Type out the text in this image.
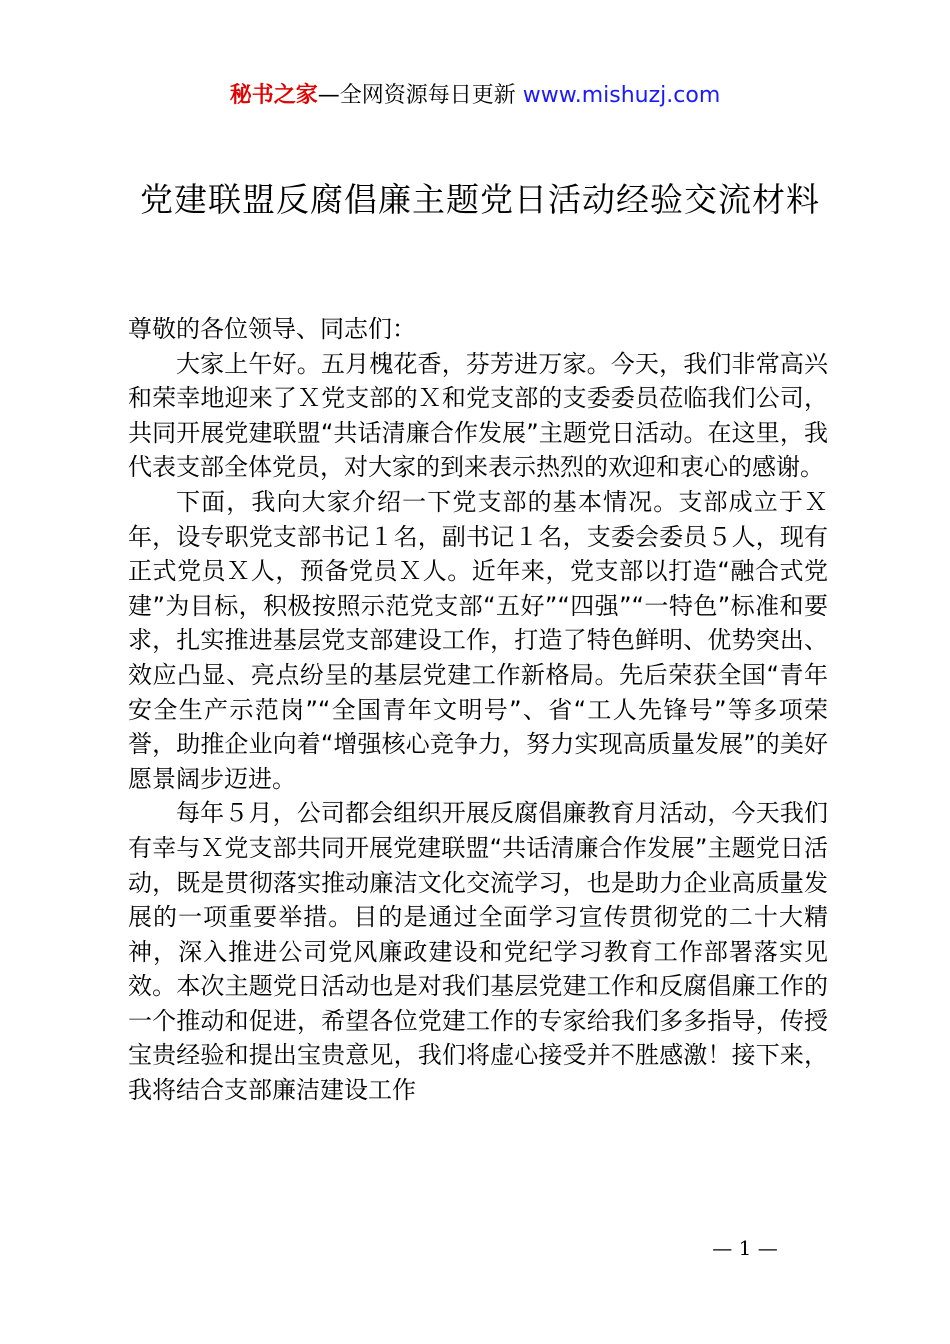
秘书之家—全网资源每日更新 www.mishuzj.com
党建联盟反腐倡廉主题党日活动经验交流材料

尊敬的各位领导、同志们：

大家上午好。五月槐花香，芬芳进万家。今天，我们非常高兴和荣幸地迎来了Ｘ党支部的Ｘ和党支部的支委委员莅临我们公司，共同开展党建联盟“共话清廉合作发展”主题党日活动。在这里，我代表支部全体党员，对大家的到来表示热烈的欢迎和衷心的感谢。

下面，我向大家介绍一下党支部的基本情况。支部成立于Ｘ年，设专职党支部书记１名，副书记１名，支委会委员５人，现有正式党员Ｘ人，预备党员Ｘ人。近年来，党支部以打造“融合式党建”为目标，积极按照示范党支部“五好”“四强”“一特色”标准和要求，扎实推进基层党支部建设工作，打造了特色鲜明、优势突出、效应凸显、亮点纷呈的基层党建工作新格局。先后荣获全国“青年安全生产示范岗”“全国青年文明号”、省“工人先锋号”等多项荣誉，助推企业向着“增强核心竞争力，努力实现高质量发展”的美好愿景阔步迈进。

每年５月，公司都会组织开展反腐倡廉教育月活动，今天我们有幸与Ｘ党支部共同开展党建联盟“共话清廉合作发展”主题党日活动，既是贯彻落实推动廉洁文化交流学习，也是助力企业高质量发展的一项重要举措。目的是通过全面学习宣传贯彻党的二十大精神，深入推进公司党风廉政建设和党纪学习教育工作部署落实见效。本次主题党日活动也是对我们基层党建工作和反腐倡廉工作的一个推动和促进，希望各位党建工作的专家给我们多多指导，传授宝贵经验和提出宝贵意见，我们将虚心接受并不胜感激！接下来，我将结合支部廉洁建设工作

— 1 —
